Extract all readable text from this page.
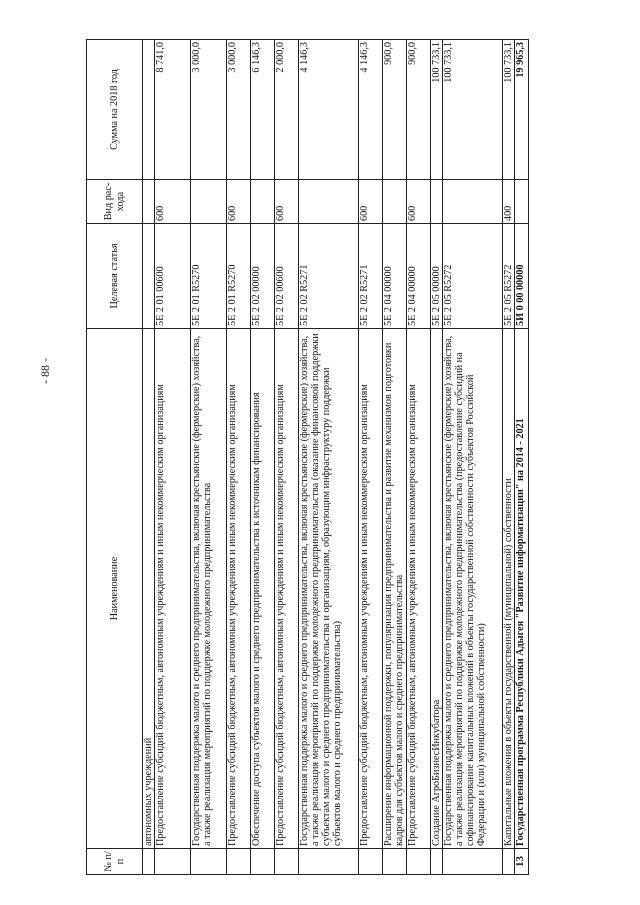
- 88 -
№ п/п	Наименование	Целевая статья	Вид рас-хода	Сумма на 2018 год
	автономных учреждений			
	Предоставление субсидий бюджетным, автономным учреждениям и иным некоммерческим организациям	5Е 2 01 00600	600	8 741,0
	Государственная поддержка малого и среднего предпринимательства, включая крестьянские (фермерские) хозяйства, а также реализация мероприятий по поддержке молодежного предпринимательства	5Е 2 01 R5270		3 000,0
	Предоставление субсидий бюджетным, автономным учреждениям и иным некоммерческим организациям	5Е 2 01 R5270	600	3 000,0
	Обеспечение доступа субъектов малого и среднего предпринимательства к источникам финансирования	5Е 2 02 00000		6 146,3
	Предоставление субсидий бюджетным, автономным учреждениям и иным некоммерческим организациям	5Е 2 02 00600	600	2 000,0
	Государственная поддержка малого и среднего предпринимательства, включая крестьянские (фермерские) хозяйства, а также реализация мероприятий по поддержке молодежного предпринимательства (оказание финансовой поддержки субъектам малого и среднего предпринимательства и организациям, образующим инфраструктуру поддержки субъектов малого и среднего предпринимательства)	5Е 2 02 R5271		4 146,3
	Предоставление субсидий бюджетным, автономным учреждениям и иным некоммерческим организациям	5Е 2 02 R5271	600	4 146,3
	Расширение информационной поддержки, популяризация предпринимательства и развитие механизмов подготовки кадров для субъектов малого и среднего предпринимательства	5Е 2 04 00000		900,0
	Предоставление субсидий бюджетным, автономным учреждениям и иным некоммерческим организациям	5Е 2 04 00000	600	900,0
	Создание АгроБизнесИнкубатора	5Е 2 05 00000		100 733,1
	Государственная поддержка малого и среднего предпринимательства, включая крестьянские (фермерские) хозяйства, а также реализация мероприятий по поддержке молодежного предпринимательства (предоставление субсидий на софинансирование капитальных вложений в объекты государственной собственности субъектов Российской Федерации и (или) муниципальной собственности)	5Е 2 05 R5272		100 733,1
	Капитальные вложения в объекты государственной (муниципальной) собственности	5Е 2 05 R5272	400	100 733,1
13	Государственная программа Республики Адыгея "Развитие информатизации" на 2014 - 2021	5И 0 00 00000		19 965,3
